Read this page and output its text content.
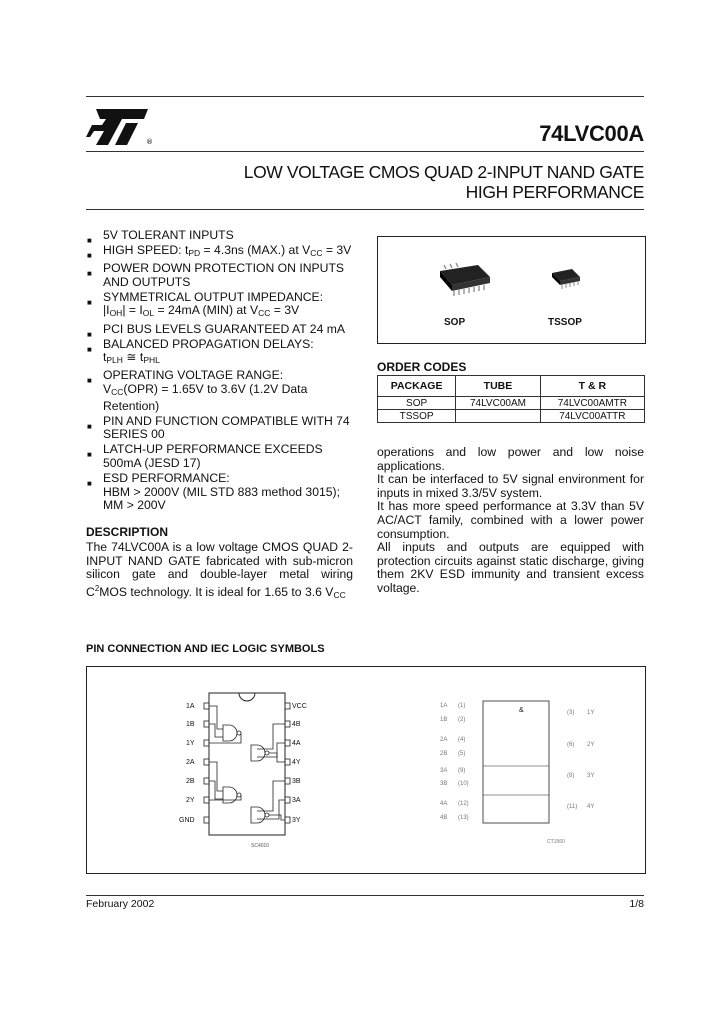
®	74LVC00A
LOW VOLTAGE CMOS QUAD 2-INPUT NAND GATE
HIGH PERFORMANCE
■ 5V TOLERANT INPUTS
■ HIGH SPEED: $t_{PD} = 4.3ns$ (MAX.) at $V_{CC} = 3V$
■ POWER DOWN PROTECTION ON INPUTS AND OUTPUTS
■ SYMMETRICAL OUTPUT IMPEDANCE:
$|I_{OH}| = I_{OL} = 24mA$ (MIN) at $V_{CC} = 3V$
■ PCI BUS LEVELS GUARANTEED AT 24 mA
■ BALANCED PROPAGATION DELAYS:
$t_{PLH}$ ≅ $t_{PHL}$
■ OPERATING VOLTAGE RANGE:
$V_{CC}(OPR) = 1.65V$ to 3.6V (1.2V Data Retention)
■ PIN AND FUNCTION COMPATIBLE WITH 74 SERIES 00
■ LATCH-UP PERFORMANCE EXCEEDS 500mA (JESD 17)
■ ESD PERFORMANCE:
HBM > 2000V (MIL STD 883 method 3015);
MM > 200V
SOP	TSSOP
ORDER CODES
PACKAGE	TUBE	T & R
SOP	74LVC00AM	74LVC00AMTR
TSSOP		74LVC00ATTR
DESCRIPTION
The 74LVC00A is a low voltage CMOS QUAD 2-INPUT NAND GATE fabricated with sub-micron silicon gate and double-layer metal wiring $C^2MOS$ technology. It is ideal for 1.65 to 3.6 $V_{CC}$
operations and low power and low noise applications.
It can be interfaced to 5V signal environment for inputs in mixed 3.3/5V system.
It has more speed performance at 3.3V than 5V AC/ACT family, combined with a lower power consumption.
All inputs and outputs are equipped with protection circuits against static discharge, giving them 2KV ESD immunity and transient excess voltage.
PIN CONNECTION AND IEC LOGIC SYMBOLS
1A
1B
1Y
2A
2B
2Y
GND
VCC
4B
4A
4Y
3B
3A
3Y
SC4010
&
1A
1B
2A
2B
3A
3B
4A
4B
(1)
(2)
(4)
(5)
(9)
(10)
(12)
(13)
(3)
(6)
(8)
(11)
1Y
2Y
3Y
4Y
CT1560
February 2002	1/8
